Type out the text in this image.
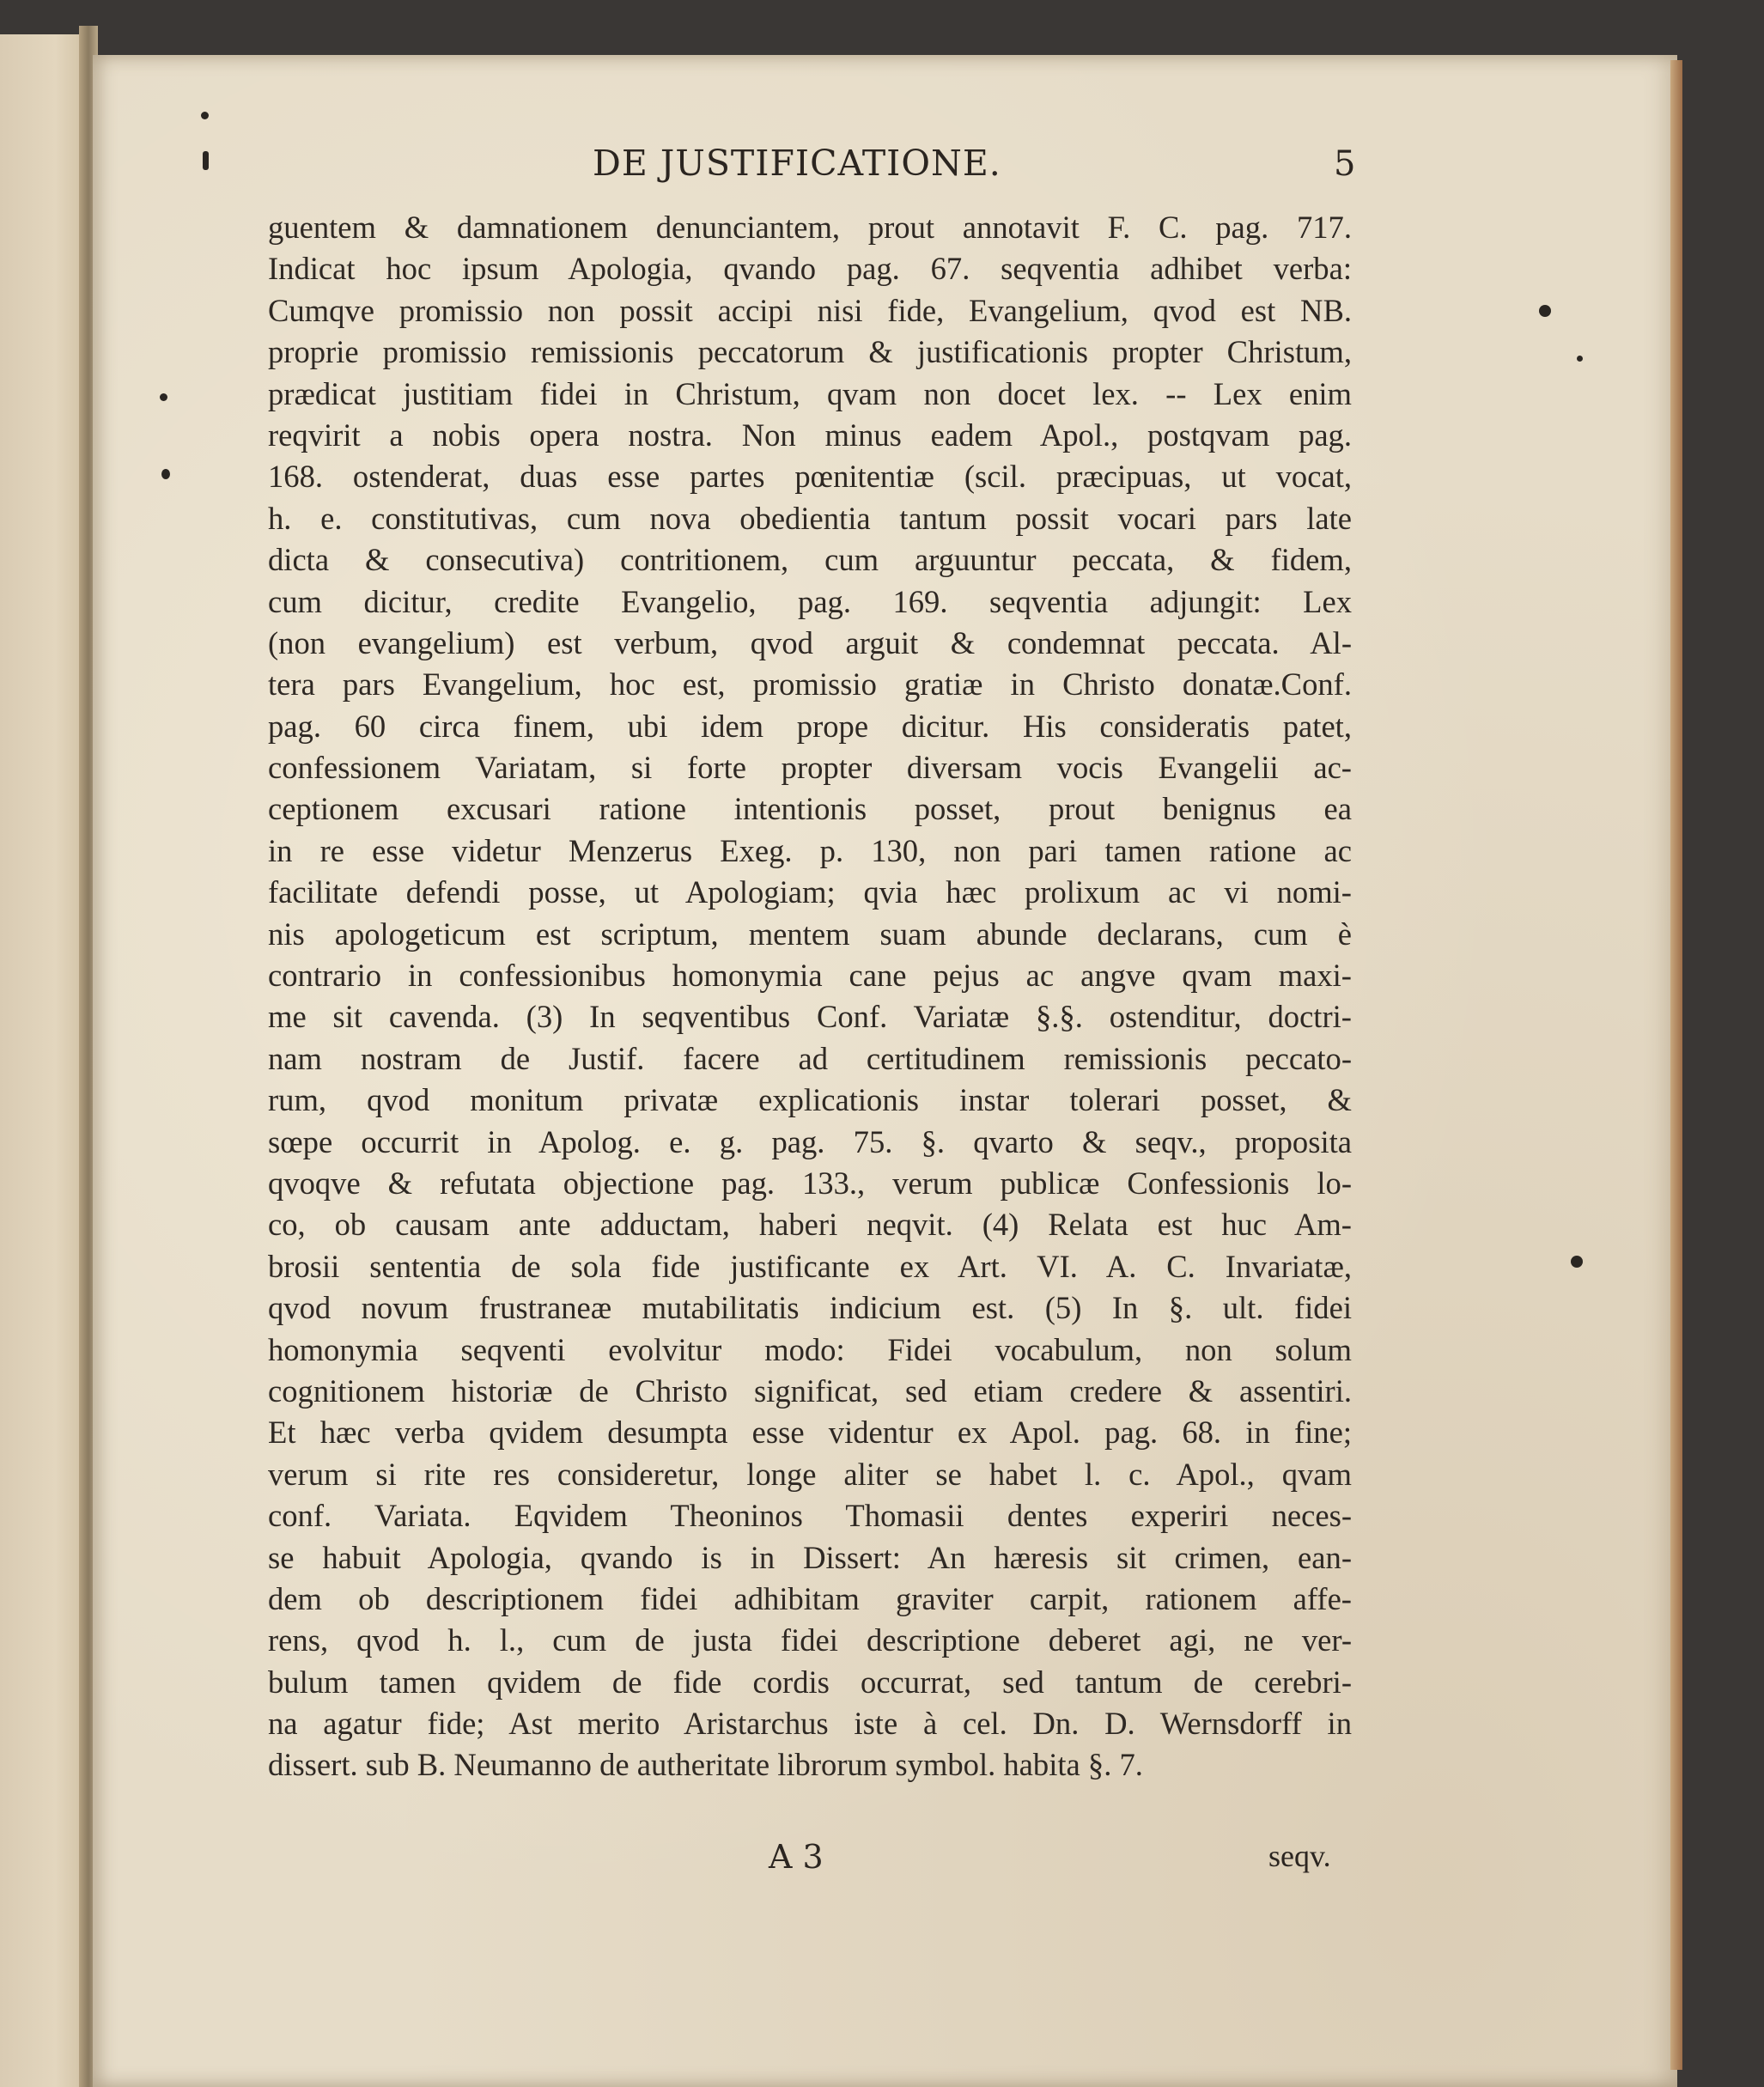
DE JUSTIFICATIONE.	5
guentem & damnationem denunciantem, prout annotavit F. C. pag. 717.
Indicat hoc ipsum Apologia, qvando pag. 67. seqventia adhibet verba:
Cumqve promissio non possit accipi nisi fide, Evangelium, qvod est NB.
proprie promissio remissionis peccatorum & justificationis propter Christum,
prædicat justitiam fidei in Christum, qvam non docet lex. -- Lex enim
reqvirit a nobis opera nostra. Non minus eadem Apol., postqvam pag.
168. ostenderat, duas esse partes pœnitentiæ (scil. præcipuas, ut vocat,
h. e. constitutivas, cum nova obedientia tantum possit vocari pars late
dicta & consecutiva) contritionem, cum arguuntur peccata, & fidem,
cum dicitur, credite Evangelio, pag. 169. seqventia adjungit: Lex
(non evangelium) est verbum, qvod arguit & condemnat peccata. Al-
tera pars Evangelium, hoc est, promissio gratiæ in Christo donatæ.Conf.
pag. 60 circa finem, ubi idem prope dicitur. His consideratis patet,
confessionem Variatam, si forte propter diversam vocis Evangelii ac-
ceptionem excusari ratione intentionis posset, prout benignus ea
in re esse videtur Menzerus Exeg. p. 130, non pari tamen ratione ac
facilitate defendi posse, ut Apologiam; qvia hæc prolixum ac vi nomi-
nis apologeticum est scriptum, mentem suam abunde declarans, cum è
contrario in confessionibus homonymia cane pejus ac angve qvam maxi-
me sit cavenda. (3) In seqventibus Conf. Variatæ §.§. ostenditur, doctri-
nam nostram de Justif. facere ad certitudinem remissionis peccato-
rum, qvod monitum privatæ explicationis instar tolerari posset, &
sœpe occurrit in Apolog. e. g. pag. 75. §. qvarto & seqv., proposita
qvoqve & refutata objectione pag. 133., verum publicæ Confessionis lo-
co, ob causam ante adductam, haberi neqvit. (4) Relata est huc Am-
brosii sententia de sola fide justificante ex Art. VI. A. C. Invariatæ,
qvod novum frustraneæ mutabilitatis indicium est. (5) In §. ult. fidei
homonymia seqventi evolvitur modo: Fidei vocabulum, non solum
cognitionem historiæ de Christo significat, sed etiam credere & assentiri.
Et hæc verba qvidem desumpta esse videntur ex Apol. pag. 68. in fine;
verum si rite res consideretur, longe aliter se habet l. c. Apol., qvam
conf. Variata. Eqvidem Theoninos Thomasii dentes experiri neces-
se habuit Apologia, qvando is in Dissert: An hæresis sit crimen, ean-
dem ob descriptionem fidei adhibitam graviter carpit, rationem affe-
rens, qvod h. l., cum de justa fidei descriptione deberet agi, ne ver-
bulum tamen qvidem de fide cordis occurrat, sed tantum de cerebri-
na agatur fide; Ast merito Aristarchus iste à cel. Dn. D. Wernsdorff in
dissert. sub B. Neumanno de autheritate librorum symbol. habita §. 7.
A 3	seqv.
